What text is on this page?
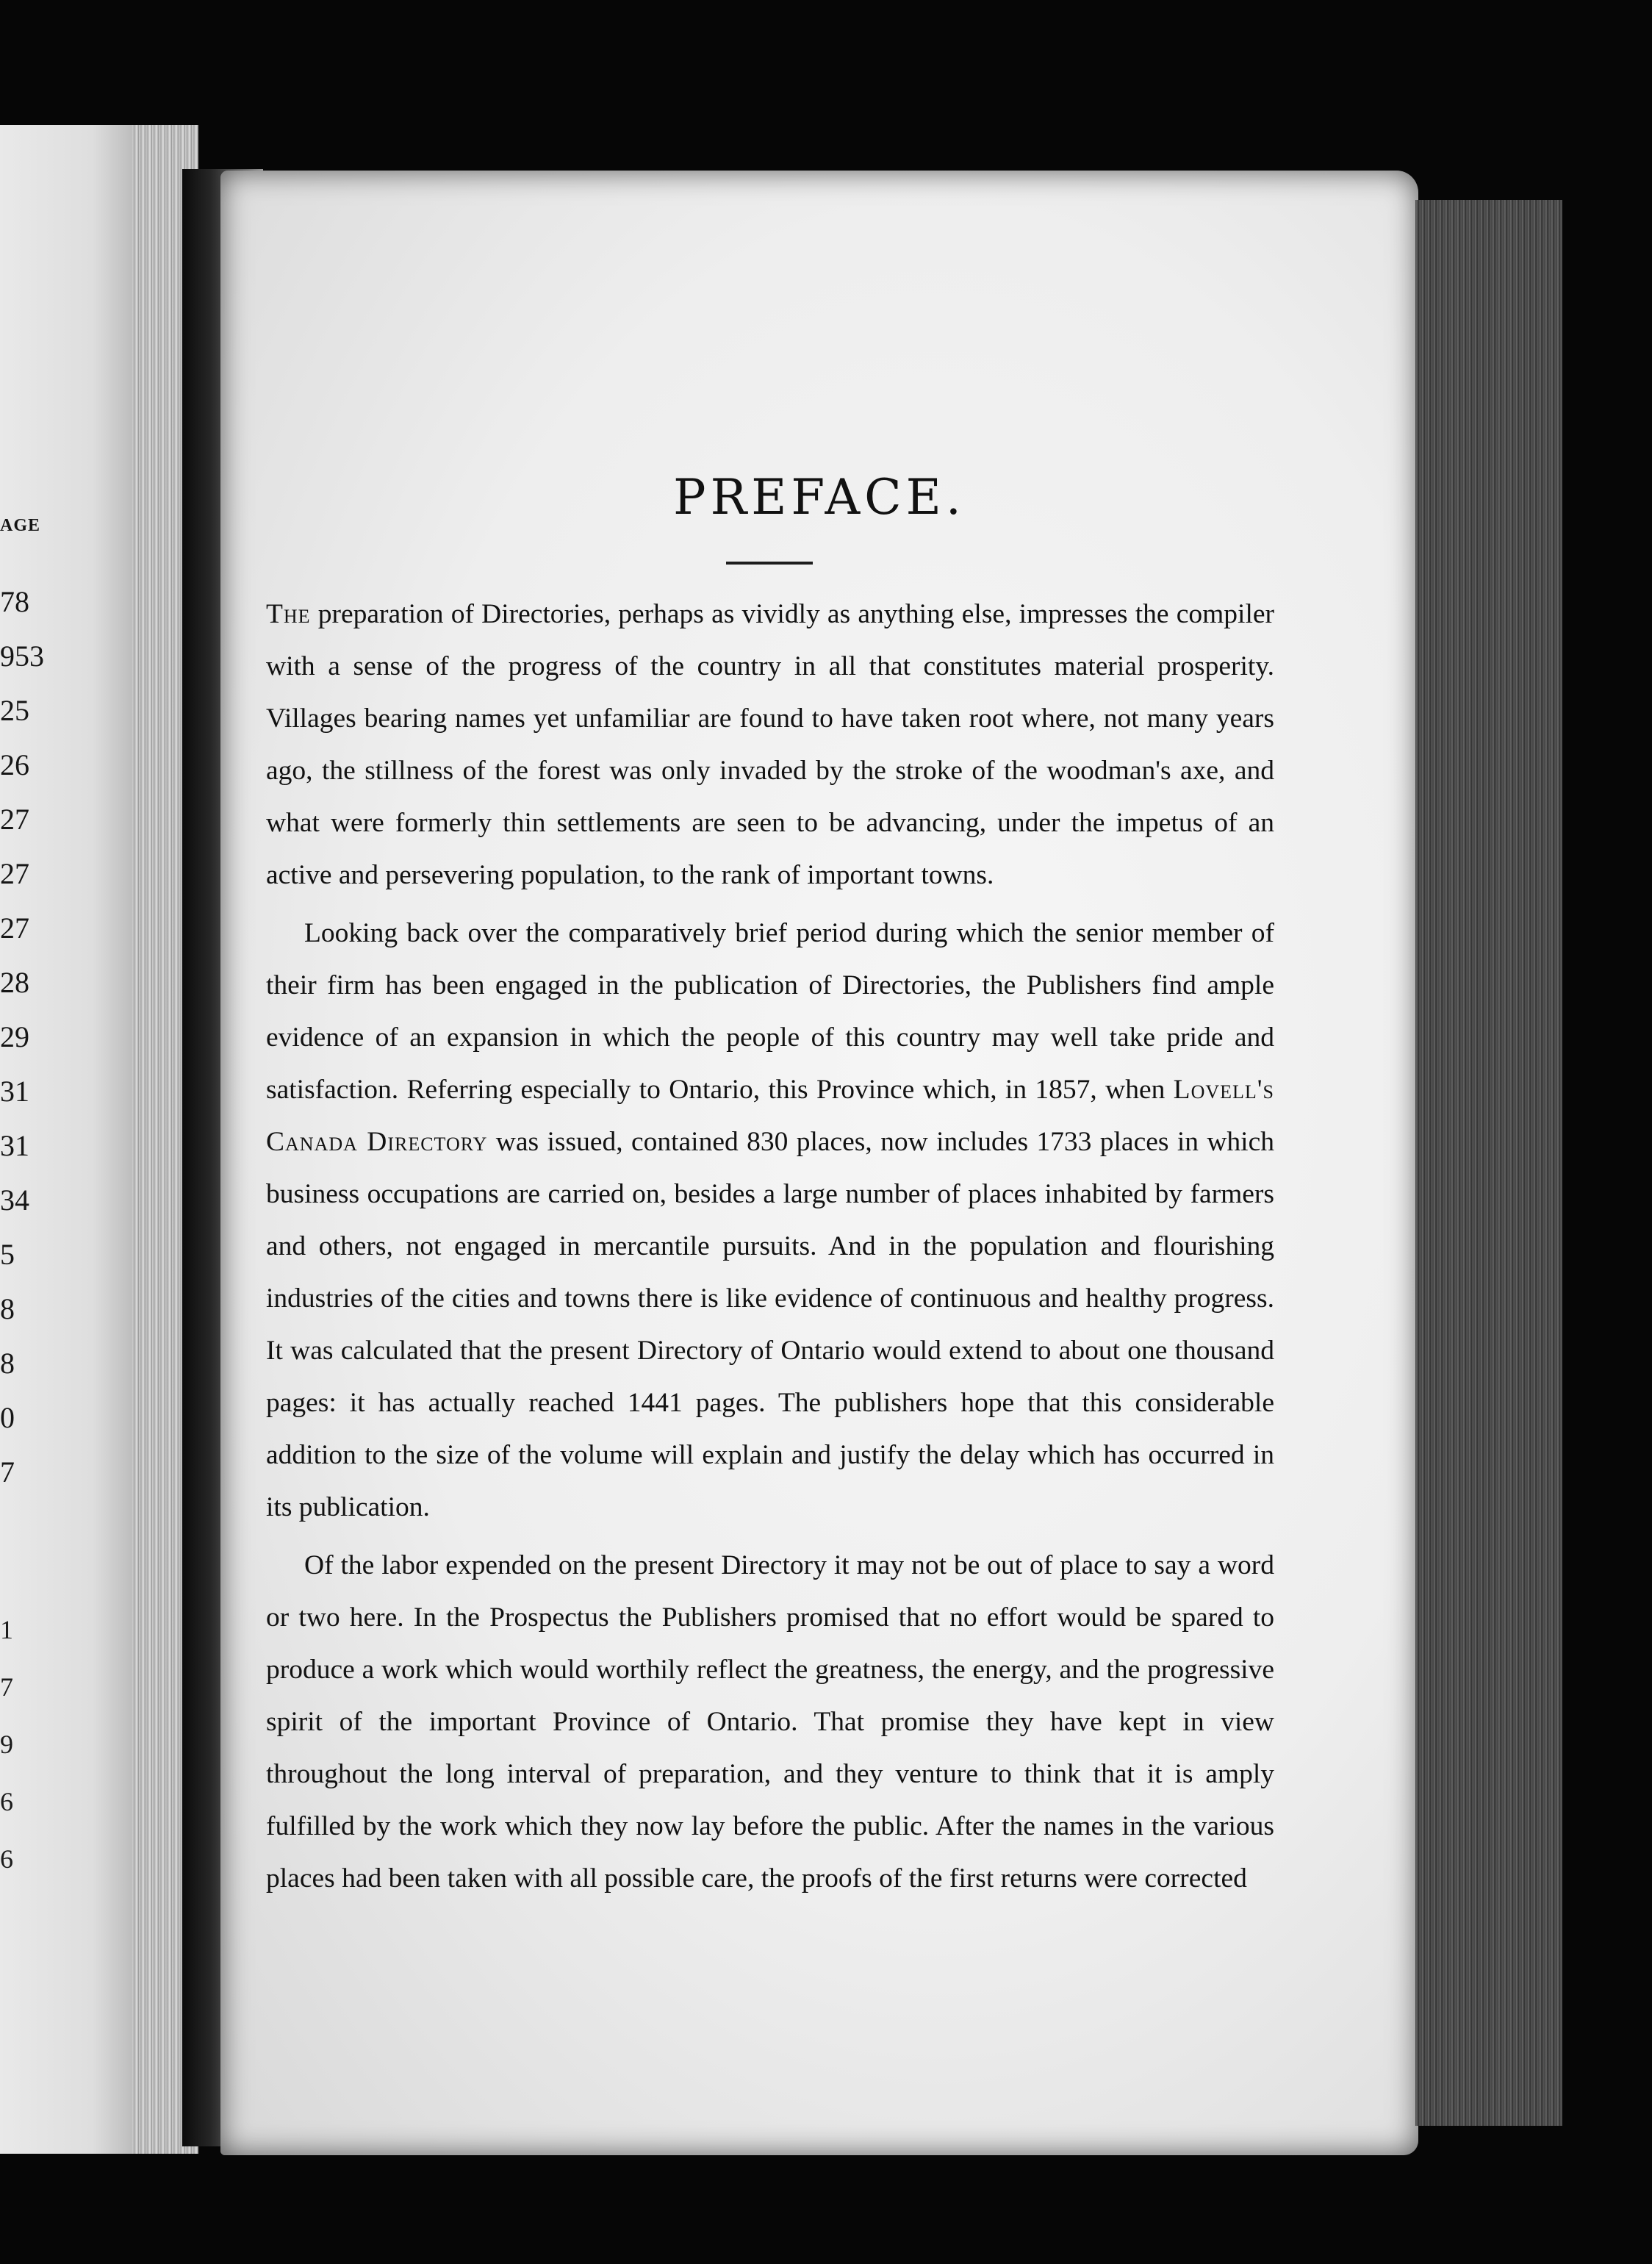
AGE
78
953
25
26
27
27
27
28
29
31
31
34
5
8
8
0
7
1
7
9
6
6
PREFACE.

The preparation of Directories, perhaps as vividly as anything else, impresses the compiler with a sense of the progress of the country in all that constitutes material prosperity. Villages bearing names yet unfamiliar are found to have taken root where, not many years ago, the stillness of the forest was only invaded by the stroke of the woodman's axe, and what were formerly thin settlements are seen to be advancing, under the impetus of an active and persevering population, to the rank of important towns.

Looking back over the comparatively brief period during which the senior member of their firm has been engaged in the publication of Directories, the Publishers find ample evidence of an expansion in which the people of this country may well take pride and satisfaction. Referring especially to Ontario, this Province which, in 1857, when Lovell's Canada Directory was issued, contained 830 places, now includes 1733 places in which business occupations are carried on, besides a large number of places inhabited by farmers and others, not engaged in mercantile pursuits. And in the population and flourishing industries of the cities and towns there is like evidence of continuous and healthy progress. It was calculated that the present Directory of Ontario would extend to about one thousand pages: it has actually reached 1441 pages. The publishers hope that this considerable addition to the size of the volume will explain and justify the delay which has occurred in its publication.

Of the labor expended on the present Directory it may not be out of place to say a word or two here. In the Prospectus the Publishers promised that no effort would be spared to produce a work which would worthily reflect the greatness, the energy, and the progressive spirit of the important Province of Ontario. That promise they have kept in view throughout the long interval of preparation, and they venture to think that it is amply fulfilled by the work which they now lay before the public. After the names in the various places had been taken with all possible care, the proofs of the first returns were corrected
